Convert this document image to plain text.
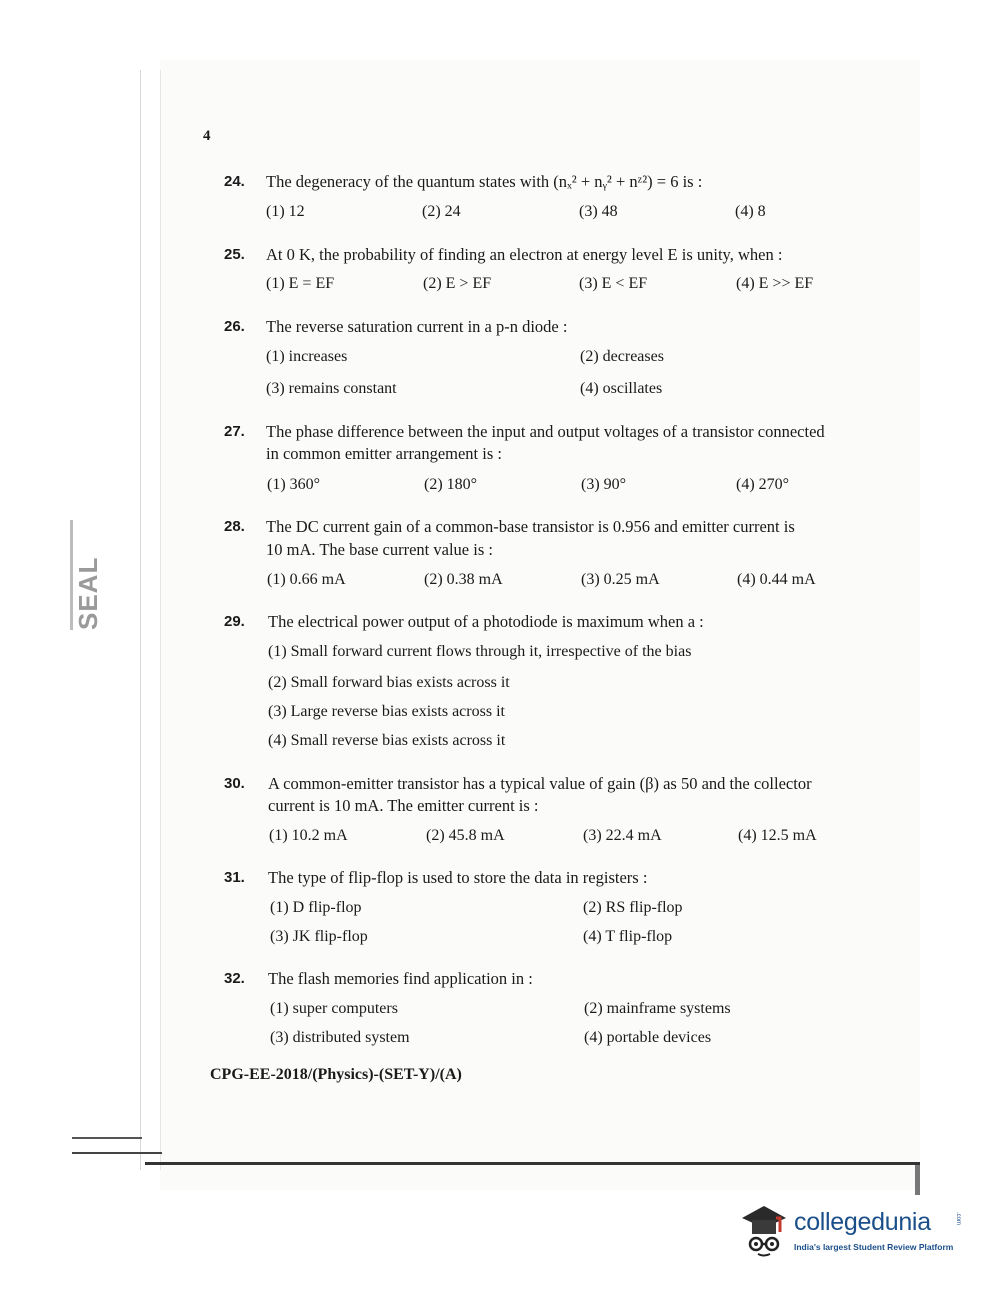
SEAL
4
24. The degeneracy of the quantum states with (nₓ² + nᵧ² + nᶻ²) = 6 is :
(1) 12	(2) 24	(3) 48	(4) 8
25. At 0 K, the probability of finding an electron at energy level E is unity, when :
(1) E = EF	(2) E > EF	(3) E < EF	(4) E >> EF
26. The reverse saturation current in a p-n diode :
(1) increases	(2) decreases
(3) remains constant	(4) oscillates
27. The phase difference between the input and output voltages of a transistor connected
in common emitter arrangement is :
(1) 360°	(2) 180°	(3) 90°	(4) 270°
28. The DC current gain of a common-base transistor is 0.956 and emitter current is
10 mA. The base current value is :
(1) 0.66 mA	(2) 0.38 mA	(3) 0.25 mA	(4) 0.44 mA
29. The electrical power output of a photodiode is maximum when a :
(1) Small forward current flows through it, irrespective of the bias
(2) Small forward bias exists across it
(3) Large reverse bias exists across it
(4) Small reverse bias exists across it
30. A common-emitter transistor has a typical value of gain (β) as 50 and the collector
current is 10 mA. The emitter current is :
(1) 10.2 mA	(2) 45.8 mA	(3) 22.4 mA	(4) 12.5 mA
31. The type of flip-flop is used to store the data in registers :
(1) D flip-flop	(2) RS flip-flop
(3) JK flip-flop	(4) T flip-flop
32. The flash memories find application in :
(1) super computers	(2) mainframe systems
(3) distributed system	(4) portable devices
CPG-EE-2018/(Physics)-(SET-Y)/(A)
collegedunia	.com
India's largest Student Review Platform
